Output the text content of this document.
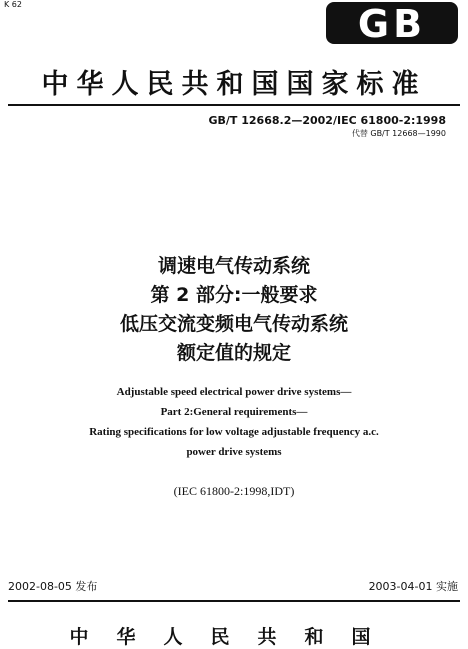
K 62	GB
中华人民共和国国家标准
GB/T 12668.2—2002/IEC 61800-2:1998
代替 GB/T 12668—1990
调速电气传动系统
第 2 部分:一般要求
低压交流变频电气传动系统
额定值的规定
Adjustable speed electrical power drive systems—
Part 2:General requirements—
Rating specifications for low voltage adjustable frequency a.c.
power drive systems
(IEC 61800-2:1998,IDT)
2002-08-05 发布	2003-04-01 实施
中华人民共和国
